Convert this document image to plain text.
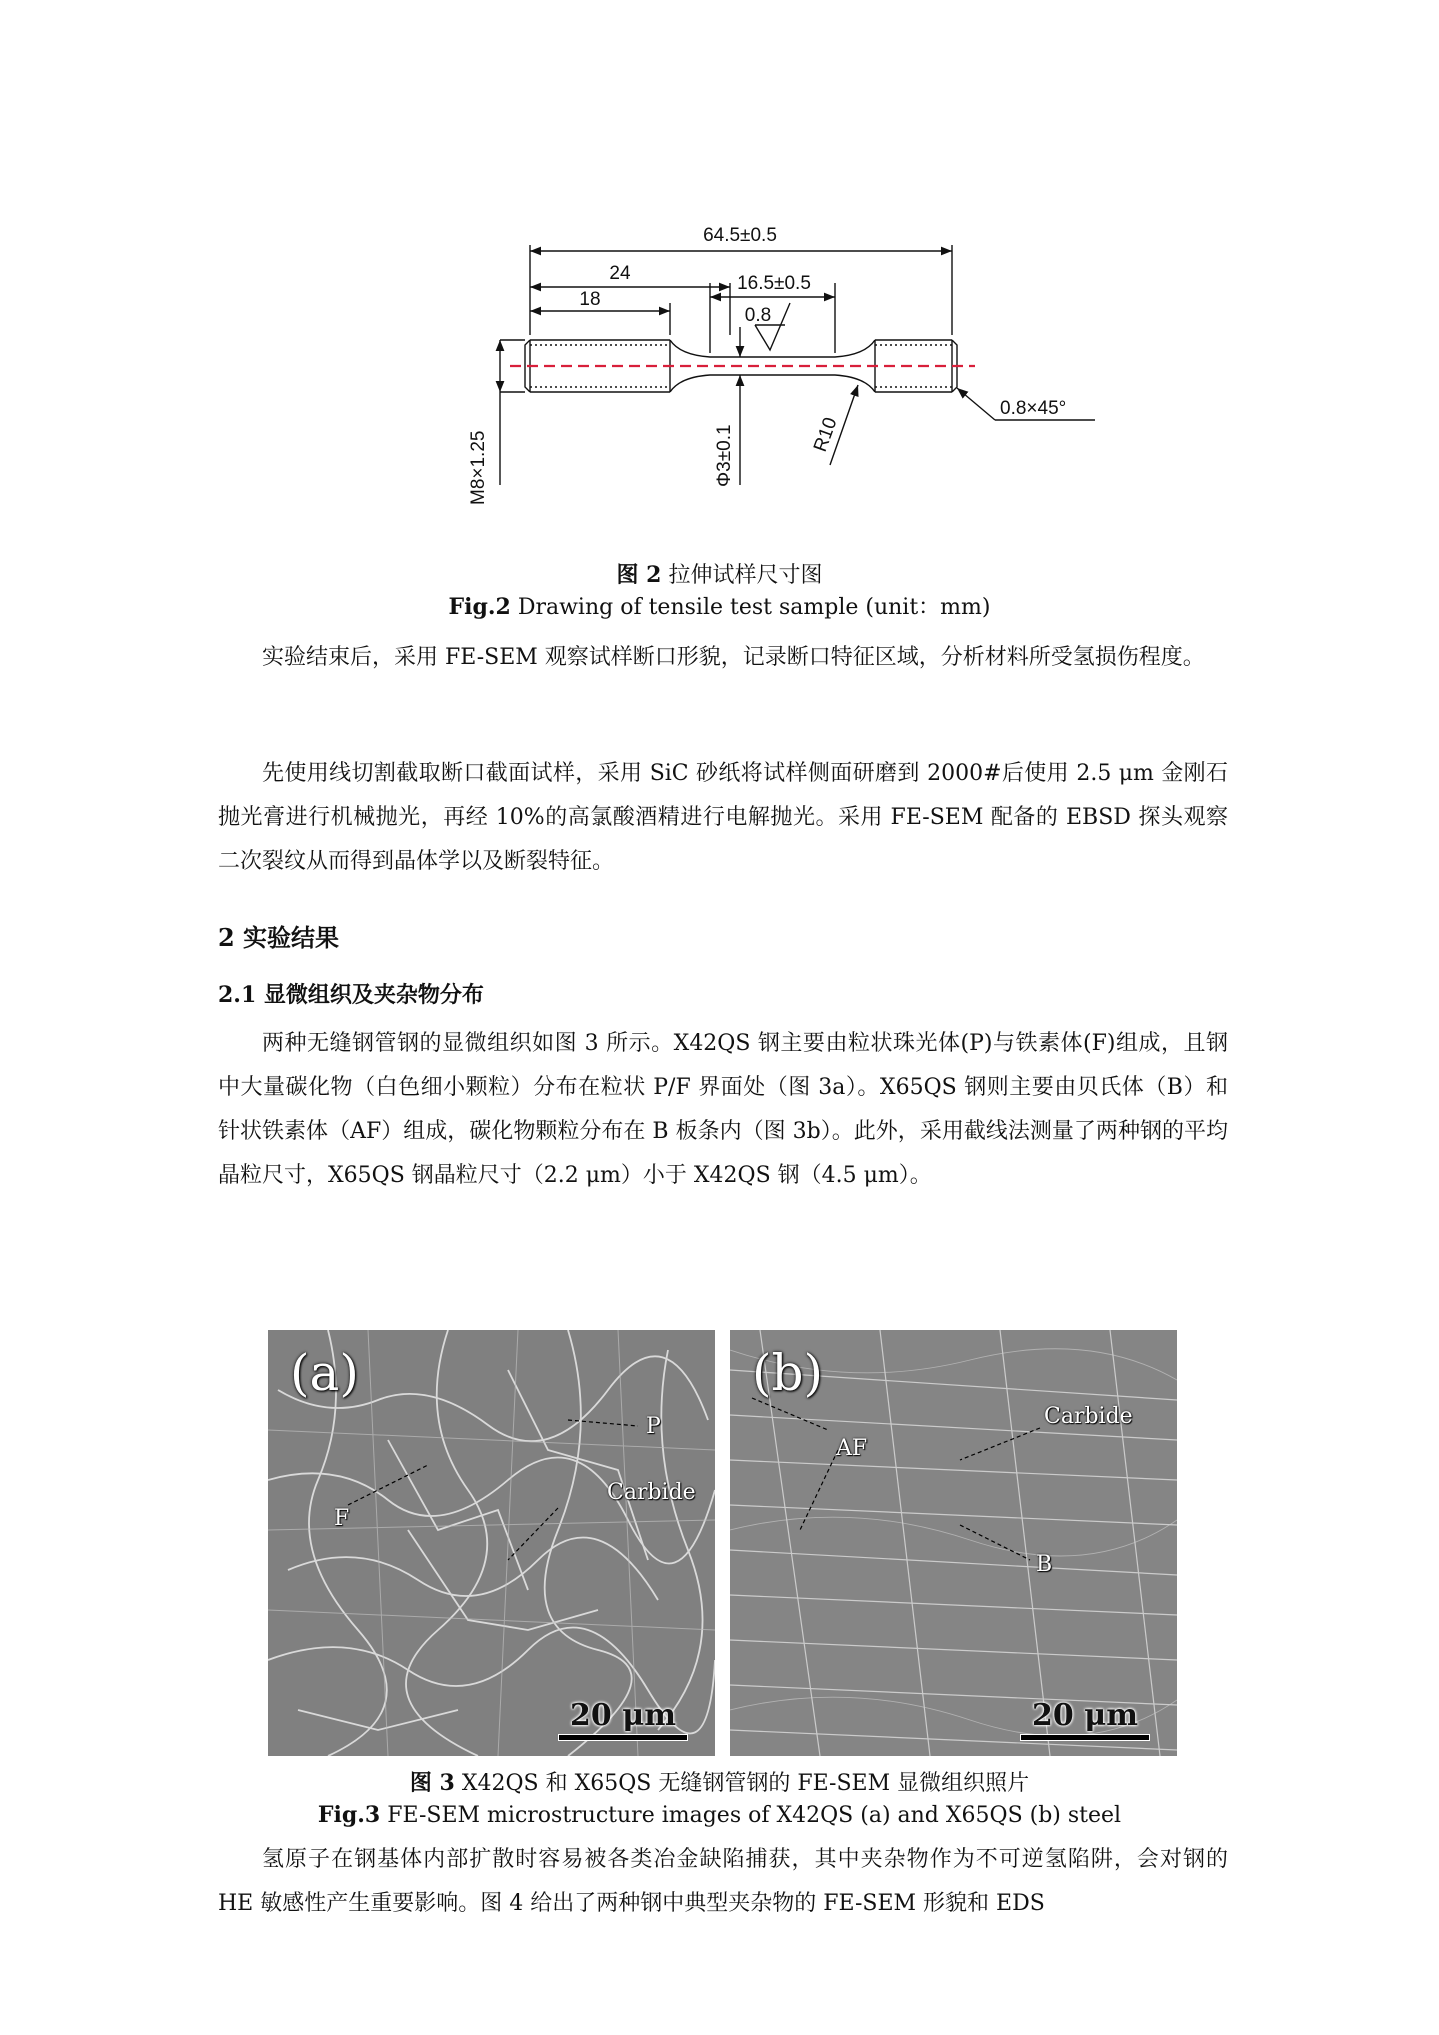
64.5±0.5
24	16.5±0.5
18
0.8
M8×1.25	Φ3±0.1	R10
0.8×45°
图 2 拉伸试样尺寸图
Fig.2 Drawing of tensile test sample (unit：mm)

实验结束后，采用 FE-SEM 观察试样断口形貌，记录断口特征区域，分析材料所受氢损伤程度。

先使用线切割截取断口截面试样，采用 SiC 砂纸将试样侧面研磨到 2000#后使用 2.5 μm 金刚石抛光膏进行机械抛光，再经 10%的高氯酸酒精进行电解抛光。采用 FE-SEM 配备的 EBSD 探头观察二次裂纹从而得到晶体学以及断裂特征。

2 实验结果
2.1 显微组织及夹杂物分布

两种无缝钢管钢的显微组织如图 3 所示。X42QS 钢主要由粒状珠光体(P)与铁素体(F)组成，且钢中大量碳化物（白色细小颗粒）分布在粒状 P/F 界面处（图 3a）。X65QS 钢则主要由贝氏体（B）和针状铁素体（AF）组成，碳化物颗粒分布在 B 板条内（图 3b）。此外，采用截线法测量了两种钢的平均晶粒尺寸，X65QS 钢晶粒尺寸（2.2 μm）小于 X42QS 钢（4.5 μm）。

(a)
P
F
Carbide
20 μm
(b)
AF
Carbide
B
20 μm
图 3 X42QS 和 X65QS 无缝钢管钢的 FE-SEM 显微组织照片
Fig.3 FE-SEM microstructure images of X42QS (a) and X65QS (b) steel

氢原子在钢基体内部扩散时容易被各类冶金缺陷捕获，其中夹杂物作为不可逆氢陷阱，会对钢的 HE 敏感性产生重要影响。图 4 给出了两种钢中典型夹杂物的 FE-SEM 形貌和 EDS
